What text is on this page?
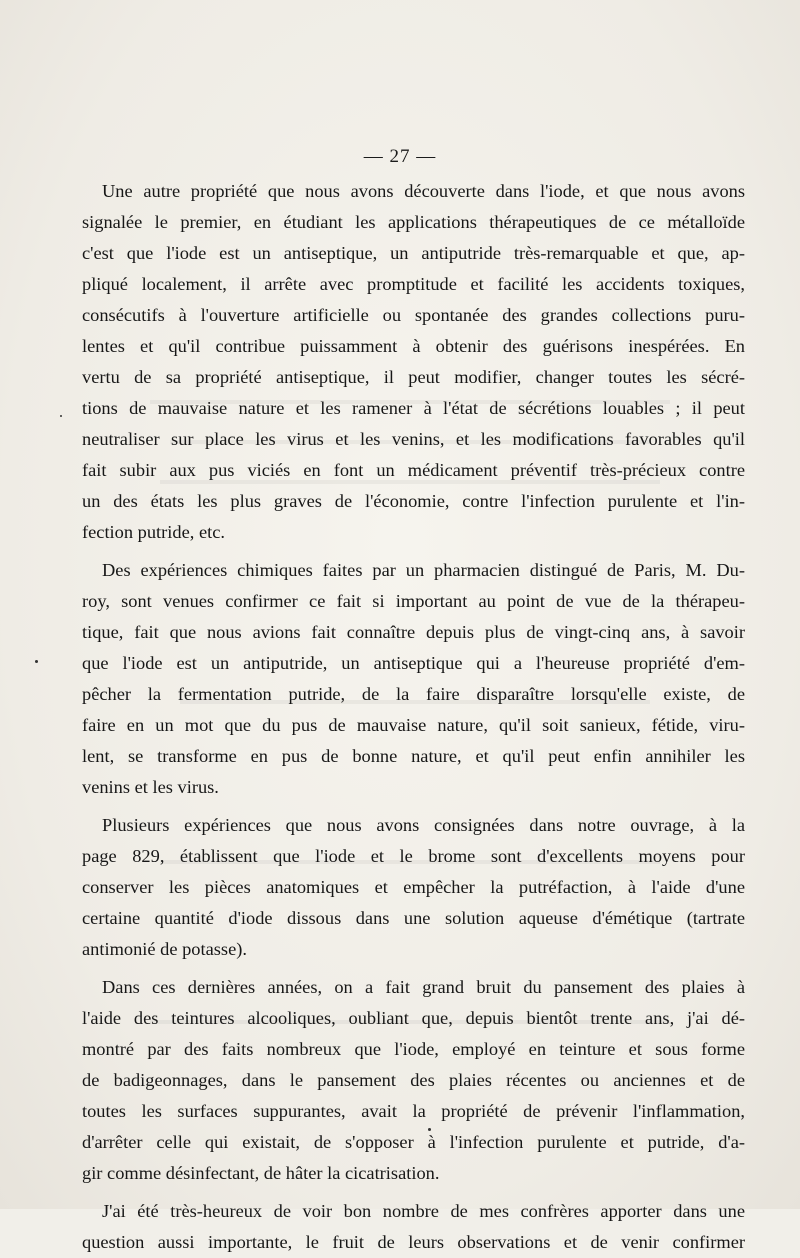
— 27 —
Une autre propriété que nous avons découverte dans l'iode, et que nous avons
signalée le premier, en étudiant les applications thérapeutiques de ce métalloïde
c'est que l'iode est un antiseptique, un antiputride très-remarquable et que, ap-
pliqué localement, il arrête avec promptitude et facilité les accidents toxiques,
consécutifs à l'ouverture artificielle ou spontanée des grandes collections puru-
lentes et qu'il contribue puissamment à obtenir des guérisons inespérées. En
vertu de sa propriété antiseptique, il peut modifier, changer toutes les sécré-
tions de mauvaise nature et les ramener à l'état de sécrétions louables ; il peut
neutraliser sur place les virus et les venins, et les modifications favorables qu'il
fait subir aux pus viciés en font un médicament préventif très-précieux contre
un des états les plus graves de l'économie, contre l'infection purulente et l'in-
fection putride, etc.
Des expériences chimiques faites par un pharmacien distingué de Paris, M. Du-
roy, sont venues confirmer ce fait si important au point de vue de la thérapeu-
tique, fait que nous avions fait connaître depuis plus de vingt-cinq ans, à savoir
que l'iode est un antiputride, un antiseptique qui a l'heureuse propriété d'em-
pêcher la fermentation putride, de la faire disparaître lorsqu'elle existe, de
faire en un mot que du pus de mauvaise nature, qu'il soit sanieux, fétide, viru-
lent, se transforme en pus de bonne nature, et qu'il peut enfin annihiler les
venins et les virus.
Plusieurs expériences que nous avons consignées dans notre ouvrage, à la
page 829, établissent que l'iode et le brome sont d'excellents moyens pour
conserver les pièces anatomiques et empêcher la putréfaction, à l'aide d'une
certaine quantité d'iode dissous dans une solution aqueuse d'émétique (tartrate
antimonié de potasse).
Dans ces dernières années, on a fait grand bruit du pansement des plaies à
l'aide des teintures alcooliques, oubliant que, depuis bientôt trente ans, j'ai dé-
montré par des faits nombreux que l'iode, employé en teinture et sous forme
de badigeonnages, dans le pansement des plaies récentes ou anciennes et de
toutes les surfaces suppurantes, avait la propriété de prévenir l'inflammation,
d'arrêter celle qui existait, de s'opposer à l'infection purulente et putride, d'a-
gir comme désinfectant, de hâter la cicatrisation.
J'ai été très-heureux de voir bon nombre de mes confrères apporter dans une
question aussi importante, le fruit de leurs observations et de venir confirmer
